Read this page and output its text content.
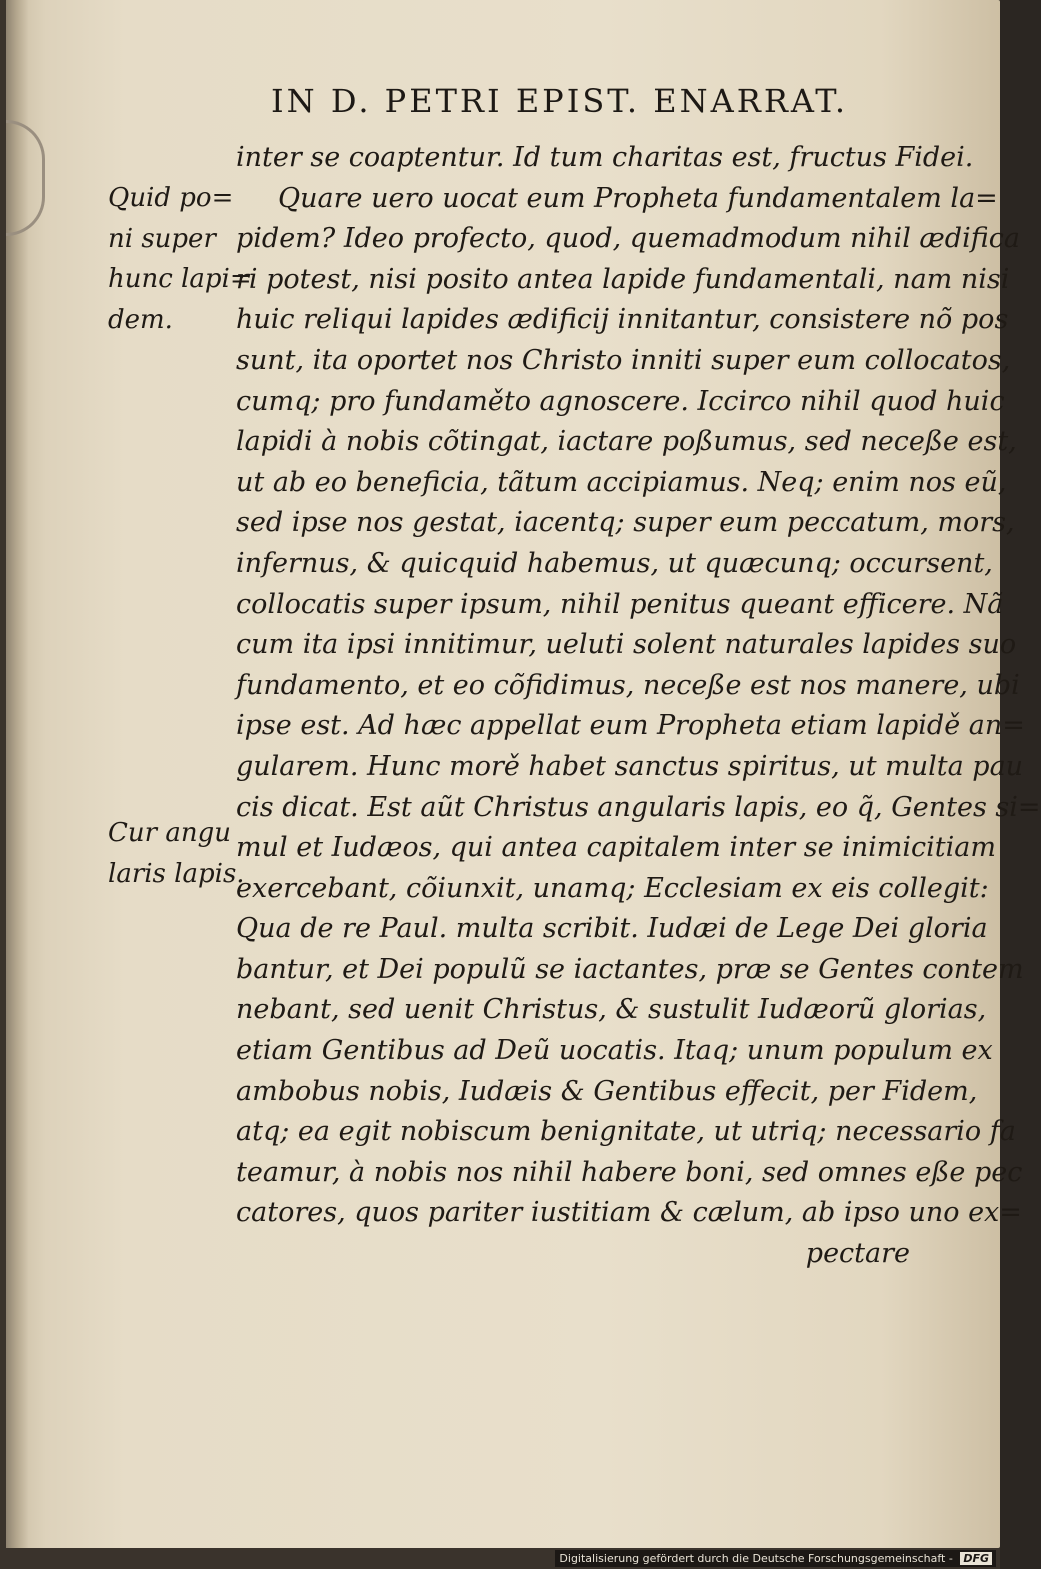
IN D. PETRI EPIST. ENARRAT.
Quid po=
ni super
hunc lapi=
dem.
Cur angu
laris lapis.
inter se coaptentur. Id tum charitas est, fructus Fidei.
Quare uero uocat eum Propheta fundamentalem la=
pidem? Ideo profecto, quod, quemadmodum nihil ædifica
ri potest, nisi posito antea lapide fundamentali, nam nisi
huic reliqui lapides ædificij innitantur, consistere nõ pos
sunt, ita oportet nos Christo inniti super eum collocatos,
cumq; pro fundaměto agnoscere. Iccirco nihil quod huic
lapidi à nobis cõtingat, iactare poßumus, sed neceße est,
ut ab eo beneficia, tãtum accipiamus. Neq; enim nos eũ,
sed ipse nos gestat, iacentq; super eum peccatum, mors,
infernus, & quicquid habemus, ut quæcunq; occursent,
collocatis super ipsum, nihil penitus queant efficere. Nã
cum ita ipsi innitimur, ueluti solent naturales lapides suo
fundamento, et eo cõfidimus, neceße est nos manere, ubi
ipse est. Ad hæc appellat eum Propheta etiam lapidě an=
gularem. Hunc morě habet sanctus spiritus, ut multa pau
cis dicat. Est aũt Christus angularis lapis, eo q̃, Gentes si=
mul et Iudæos, qui antea capitalem inter se inimicitiam
exercebant, cõiunxit, unamq; Ecclesiam ex eis collegit:
Qua de re Paul. multa scribit. Iudæi de Lege Dei gloria
bantur, et Dei populũ se iactantes, præ se Gentes contem
nebant, sed uenit Christus, & sustulit Iudæorũ glorias,
etiam Gentibus ad Deũ uocatis. Itaq; unum populum ex
ambobus nobis, Iudæis & Gentibus effecit, per Fidem,
atq; ea egit nobiscum benignitate, ut utriq; necessario fa
teamur, à nobis nos nihil habere boni, sed omnes eße pec
catores, quos pariter iustitiam & cælum, ab ipso uno ex=
pectare
Digitalisierung gefördert durch die Deutsche Forschungsgemeinschaft - DFG
